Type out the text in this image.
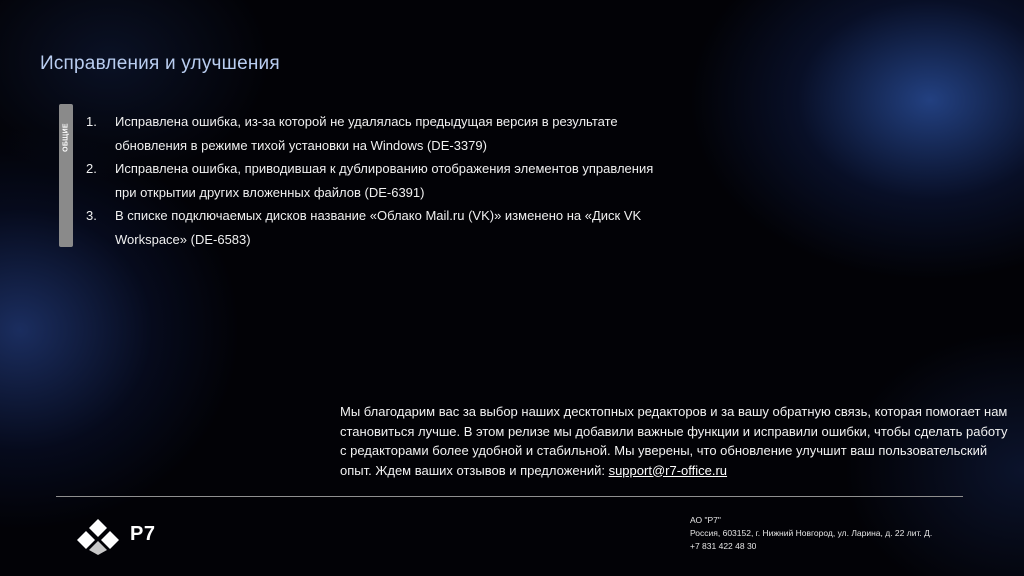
Исправления и улучшения
ОБЩИЕ
1. Исправлена ошибка, из-за которой не удалялась предыдущая версия в результате обновления в режиме тихой установки на Windows (DE-3379)
2. Исправлена ошибка, приводившая к дублированию отображения элементов управления при открытии других вложенных файлов (DE-6391)
3. В списке подключаемых дисков название «Облако Mail.ru (VK)» изменено на «Диск VK Workspace» (DE-6583)
Мы благодарим вас за выбор наших десктопных редакторов и за вашу обратную связь, которая помогает нам становиться лучше. В этом релизе мы добавили важные функции и исправили ошибки, чтобы сделать работу с редакторами более удобной и стабильной. Мы уверены, что обновление улучшит ваш пользовательский опыт. Ждем ваших отзывов и предложений: support@r7-office.ru
Р7
АО "Р7"
Россия, 603152, г. Нижний Новгород, ул. Ларина, д. 22 лит. Д.
+7 831 422 48 30
